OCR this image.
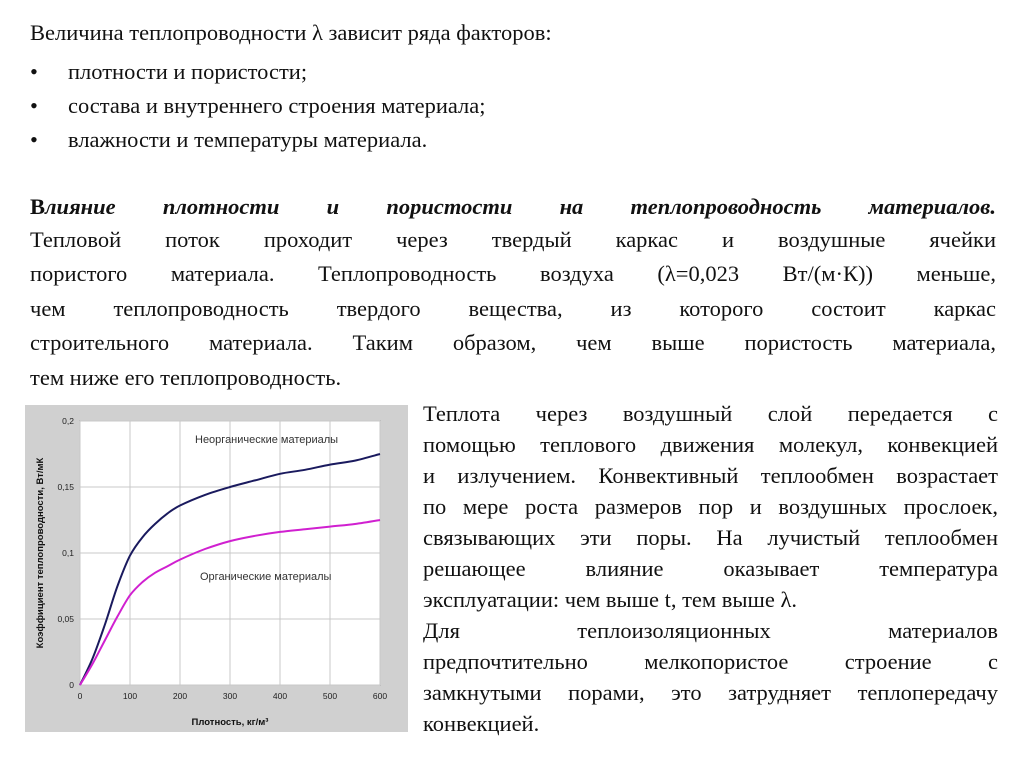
Величина теплопроводности λ зависит ряда факторов:
• плотности и пористости;
• состава и внутреннего строения материала;
• влажности и температуры материала.
Влияние плотности и пористости на теплопроводность материалов.
Тепловой поток проходит через твердый каркас и воздушные ячейки
пористого материала. Теплопроводность воздуха (λ=0,023 Вт/(м·К)) меньше,
чем теплопроводность твердого вещества, из которого состоит каркас
строительного материала. Таким образом, чем выше пористость материала,
тем ниже его теплопроводность.
Теплота через воздушный слой передается с
помощью теплового движения молекул, конвекцией
и излучением. Конвективный теплообмен возрастает
по мере роста размеров пор и воздушных прослоек,
связывающих эти поры. На лучистый теплообмен
решающее влияние оказывает температура
эксплуатации: чем выше t, тем выше λ.
Для теплоизоляционных материалов
предпочтительно мелкопористое строение с
замкнутыми порами, это затрудняет теплопередачу
конвекцией.
0	100	200	300	400	500	600
0
0,05
0,1
0,15
0,2
Неорганические материалы
Органические материалы
Плотность, кг/м³
Коэффициент теплопроводности, Вт/мК
